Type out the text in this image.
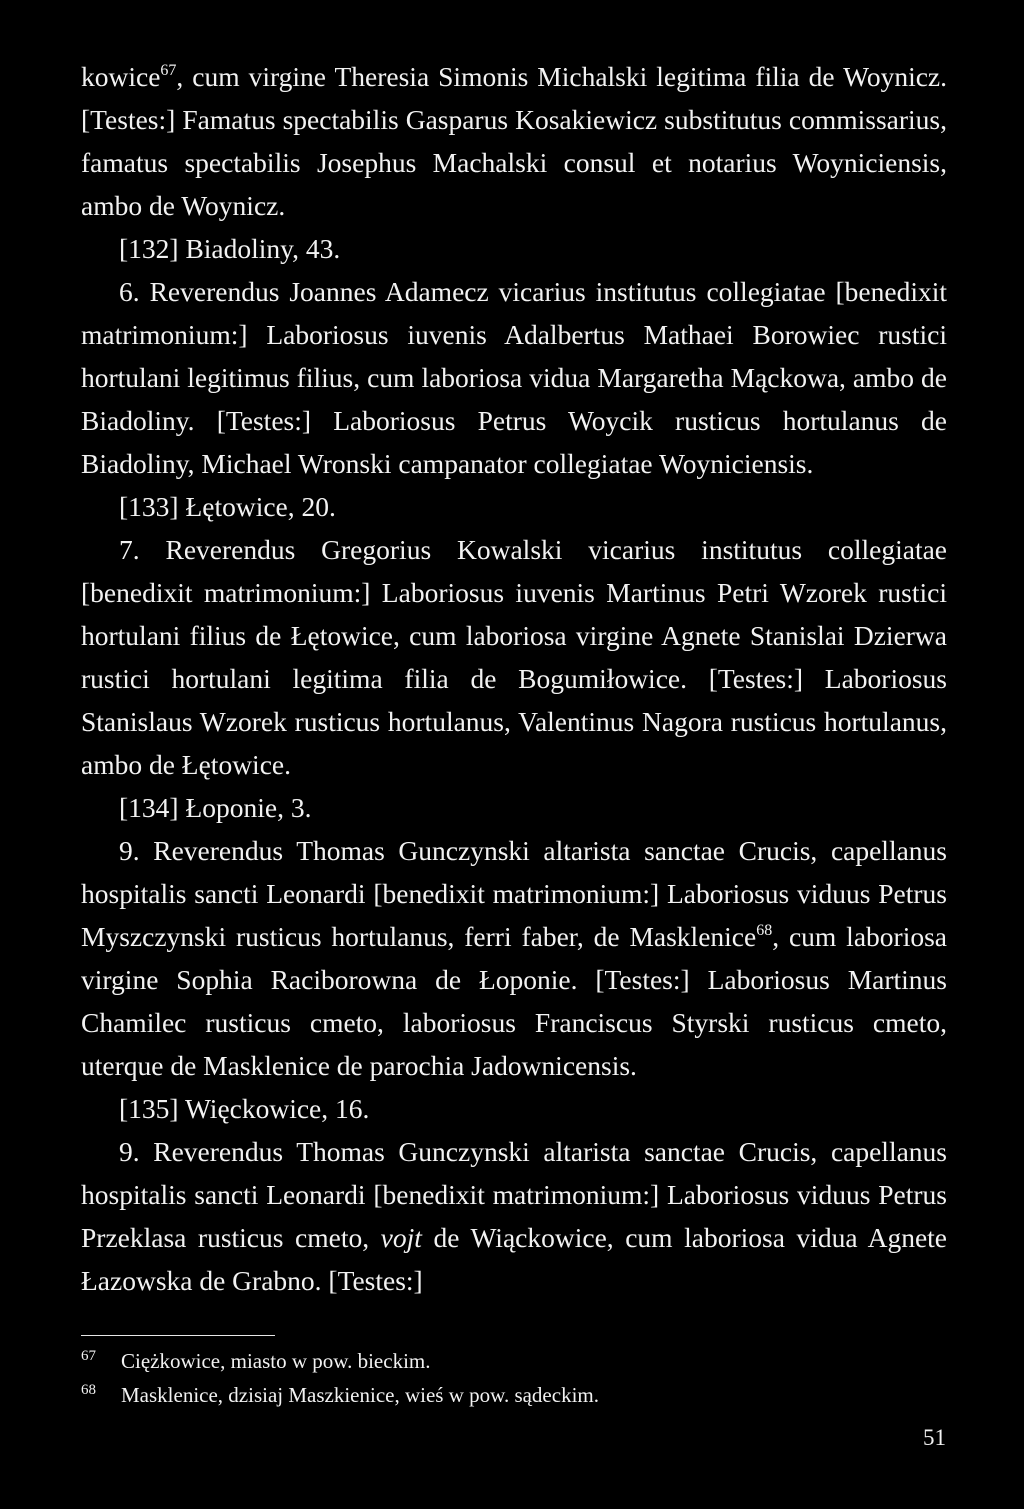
kowice$^{67}$, cum virgine Theresia Simonis Michalski legitima filia de Woynicz. [Testes:] Famatus spectabilis Gasparus Kosakiewicz substitutus commissarius, famatus spectabilis Josephus Machalski consul et notarius Woyniciensis, ambo de Woynicz.

[132] Biadoliny, 43.

6. Reverendus Joannes Adamecz vicarius institutus collegiatae [benedixit matrimonium:] Laboriosus iuvenis Adalbertus Mathaei Borowiec rustici hortulani legitimus filius, cum laboriosa vidua Margaretha Mąckowa, ambo de Biadoliny. [Testes:] Laboriosus Petrus Woycik rusticus hortulanus de Biadoliny, Michael Wronski campanator collegiatae Woyniciensis.

[133] Łętowice, 20.

7. Reverendus Gregorius Kowalski vicarius institutus collegiatae [benedixit matrimonium:] Laboriosus iuvenis Martinus Petri Wzorek rustici hortulani filius de Łętowice, cum laboriosa virgine Agnete Stanislai Dzierwa rustici hortulani legitima filia de Bogumiłowice. [Testes:] Laboriosus Stanislaus Wzorek rusticus hortulanus, Valentinus Nagora rusticus hortulanus, ambo de Łętowice.

[134] Łoponie, 3.

9. Reverendus Thomas Gunczynski altarista sanctae Crucis, capellanus hospitalis sancti Leonardi [benedixit matrimonium:] Laboriosus viduus Petrus Myszczynski rusticus hortulanus, ferri faber, de Masklenice$^{68}$, cum laboriosa virgine Sophia Raciborowna de Łoponie. [Testes:] Laboriosus Martinus Chamilec rusticus cmeto, laboriosus Franciscus Styrski rusticus cmeto, uterque de Masklenice de parochia Jadownicensis.

[135] Więckowice, 16.

9. Reverendus Thomas Gunczynski altarista sanctae Crucis, capellanus hospitalis sancti Leonardi [benedixit matrimonium:] Laboriosus viduus Petrus Przeklasa rusticus cmeto, vojt de Wiąckowice, cum laboriosa vidua Agnete Łazowska de Grabno. [Testes:]

67 Ciężkowice, miasto w pow. bieckim.

68 Masklenice, dzisiaj Maszkienice, wieś w pow. sądeckim.

51
